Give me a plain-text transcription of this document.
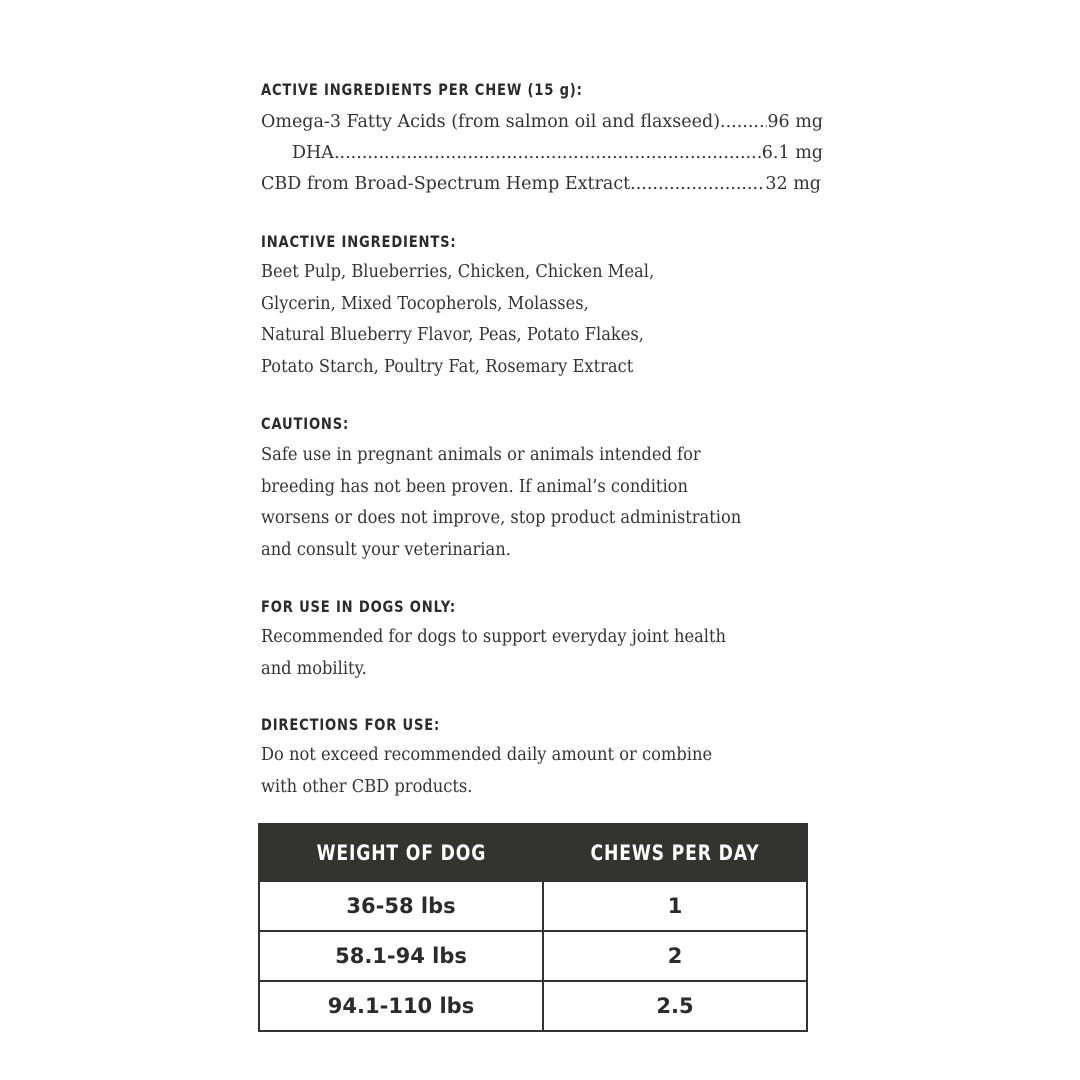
ACTIVE INGREDIENTS PER CHEW (15 g):
Omega-3 Fatty Acids (from salmon oil and flaxseed) .....	96 mg
DHA .....	6.1 mg
CBD from Broad-Spectrum Hemp Extract .....	32 mg
INACTIVE INGREDIENTS:
Beet Pulp, Blueberries, Chicken, Chicken Meal,
Glycerin, Mixed Tocopherols, Molasses,
Natural Blueberry Flavor, Peas, Potato Flakes,
Potato Starch, Poultry Fat, Rosemary Extract
CAUTIONS:
Safe use in pregnant animals or animals intended for
breeding has not been proven. If animal’s condition
worsens or does not improve, stop product administration
and consult your veterinarian.
FOR USE IN DOGS ONLY:
Recommended for dogs to support everyday joint health
and mobility.
DIRECTIONS FOR USE:
Do not exceed recommended daily amount or combine
with other CBD products.
WEIGHT OF DOG	CHEWS PER DAY
36-58 lbs	1
58.1-94 lbs	2
94.1-110 lbs	2.5
